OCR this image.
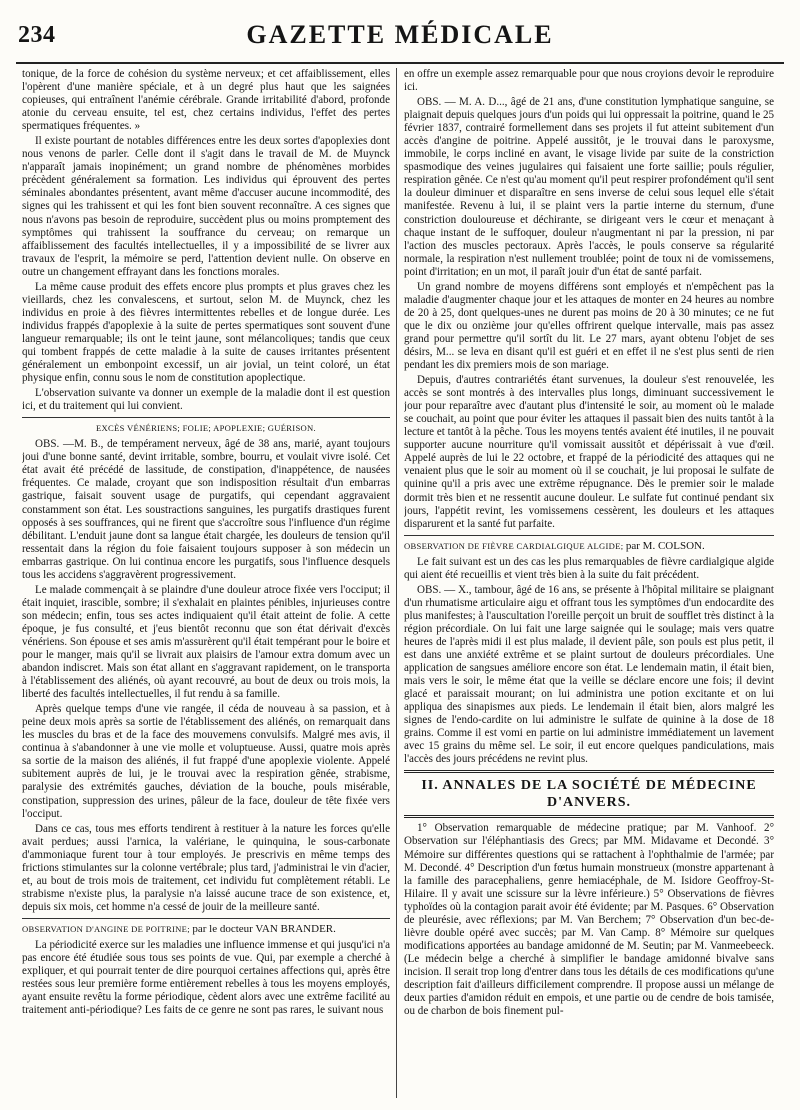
234	GAZETTE MÉDICALE

tonique, de la force de cohésion du système nerveux; et cet affaiblissement, elles l'opèrent d'une manière spéciale, et à un degré plus haut que les saignées copieuses, qui entraînent l'anémie cérébrale. Grande irritabilité d'abord, profonde atonie du cerveau ensuite, tel est, chez certains individus, l'effet des pertes spermatiques fréquentes. »

Il existe pourtant de notables différences entre les deux sortes d'apoplexies dont nous venons de parler. Celle dont il s'agit dans le travail de M. de Muynck n'apparaît jamais inopinément; un grand nombre de phénomènes morbides précèdent généralement sa formation. Les individus qui éprouvent des pertes séminales abondantes présentent, avant même d'accuser aucune incommodité, des signes qui les trahissent et qui les font bien souvent reconnaître. A ces signes que nous n'avons pas besoin de reproduire, succèdent plus ou moins promptement des symptômes qui trahissent la souffrance du cerveau; on remarque un affaiblissement des facultés intellectuelles, il y a impossibilité de se livrer aux travaux de l'esprit, la mémoire se perd, l'attention devient nulle. On observe en outre un changement effrayant dans les fonctions morales.

La même cause produit des effets encore plus prompts et plus graves chez les vieillards, chez les convalescens, et surtout, selon M. de Muynck, chez les individus en proie à des fièvres intermittentes rebelles et de longue durée. Les individus frappés d'apoplexie à la suite de pertes spermatiques sont souvent d'une langueur remarquable; ils ont le teint jaune, sont mélancoliques; tandis que ceux qui tombent frappés de cette maladie à la suite de causes irritantes présentent généralement un embonpoint excessif, un air jovial, un teint coloré, un état physique enfin, connu sous le nom de constitution apoplectique.

L'observation suivante va donner un exemple de la maladie dont il est question ici, et du traitement qui lui convient.

EXCÈS VÉNÉRIENS; FOLIE; APOPLEXIE; GUÉRISON.

OBS. —M. B., de tempérament nerveux, âgé de 38 ans, marié, ayant toujours joui d'une bonne santé, devint irritable, sombre, bourru, et voulait vivre isolé. Cet état avait été précédé de lassitude, de constipation, d'inappétence, de nausées fréquentes. Ce malade, croyant que son indisposition résultait d'un embarras gastrique, faisait souvent usage de purgatifs, qui cependant aggravaient constamment son état. Les soustractions sanguines, les purgatifs drastiques furent opposés à ses souffrances, qui ne firent que s'accroître sous l'influence d'un régime débilitant. L'enduit jaune dont sa langue était chargée, les douleurs de tension qu'il ressentait dans la région du foie faisaient toujours supposer à son médecin un embarras gastrique. On lui continua encore les purgatifs, sous l'influence desquels tous les accidens s'aggravèrent progressivement.

Le malade commençait à se plaindre d'une douleur atroce fixée vers l'occiput; il était inquiet, irascible, sombre; il s'exhalait en plaintes pénibles, injurieuses contre son médecin; enfin, tous ses actes indiquaient qu'il était atteint de folie. A cette époque, je fus consulté, et j'eus bientôt reconnu que son état dérivait d'excès vénériens. Son épouse et ses amis m'assurèrent qu'il était tempérant pour le boire et pour le manger, mais qu'il se livrait aux plaisirs de l'amour extra domum avec un abandon indiscret. Mais son état allant en s'aggravant rapidement, on le transporta à l'établissement des aliénés, où ayant recouvré, au bout de deux ou trois mois, la liberté des facultés intellectuelles, il fut rendu à sa famille.

Après quelque temps d'une vie rangée, il céda de nouveau à sa passion, et à peine deux mois après sa sortie de l'établissement des aliénés, on remarquait dans les muscles du bras et de la face des mouvemens convulsifs. Malgré mes avis, il continua à s'abandonner à une vie molle et voluptueuse. Aussi, quatre mois après sa sortie de la maison des aliénés, il fut frappé d'une apoplexie violente. Appelé subitement auprès de lui, je le trouvai avec la respiration gênée, strabisme, paralysie des extrémités gauches, déviation de la bouche, pouls misérable, constipation, suppression des urines, pâleur de la face, douleur de tête fixée vers l'occiput.

Dans ce cas, tous mes efforts tendirent à restituer à la nature les forces qu'elle avait perdues; aussi l'arnica, la valériane, le quinquina, le sous-carbonate d'ammoniaque furent tour à tour employés. Je prescrivis en même temps des frictions stimulantes sur la colonne vertébrale; plus tard, j'administrai le vin d'acier, et, au bout de trois mois de traitement, cet individu fut complètement rétabli. Le strabisme n'existe plus, la paralysie n'a laissé aucune trace de son existence, et, depuis six mois, cet homme n'a cessé de jouir de la meilleure santé.

OBSERVATION D'ANGINE DE POITRINE; par le docteur VAN BRANDER.

La périodicité exerce sur les maladies une influence immense et qui jusqu'ici n'a pas encore été étudiée sous tous ses points de vue. Qui, par exemple a cherché à expliquer, et qui pourrait tenter de dire pourquoi certaines affections qui, après être restées sous leur première forme entièrement rebelles à tous les moyens employés, ayant ensuite revêtu la forme périodique, cèdent alors avec une extrême facilité au traitement anti-périodique? Les faits de ce genre ne sont pas rares, le suivant nous

en offre un exemple assez remarquable pour que nous croyions devoir le reproduire ici.

OBS. — M. A. D..., âgé de 21 ans, d'une constitution lymphatique sanguine, se plaignait depuis quelques jours d'un poids qui lui oppressait la poitrine, quand le 25 février 1837, contrairé formellement dans ses projets il fut atteint subitement d'un accès d'angine de poitrine. Appelé aussitôt, je le trouvai dans le paroxysme, immobile, le corps incliné en avant, le visage livide par suite de la constriction spasmodique des veines jugulaires qui faisaient une forte saillie; pouls régulier, respiration gênée. Ce n'est qu'au moment qu'il peut respirer profondément qu'il sent la douleur diminuer et disparaître en sens inverse de celui sous lequel elle s'était manifestée. Revenu à lui, il se plaint vers la partie interne du sternum, d'une constriction douloureuse et déchirante, se dirigeant vers le cœur et menaçant à chaque instant de le suffoquer, douleur n'augmentant ni par la pression, ni par l'action des muscles pectoraux. Après l'accès, le pouls conserve sa régularité normale, la respiration n'est nullement troublée; point de toux ni de vomissemens, point d'irritation; en un mot, il paraît jouir d'un état de santé parfait.

Un grand nombre de moyens différens sont employés et n'empêchent pas la maladie d'augmenter chaque jour et les attaques de monter en 24 heures au nombre de 20 à 25, dont quelques-unes ne durent pas moins de 20 à 30 minutes; ce ne fut que le dix ou onzième jour qu'elles offrirent quelque intervalle, mais pas assez grand pour permettre qu'il sortît du lit. Le 27 mars, ayant obtenu l'objet de ses désirs, M... se leva en disant qu'il est guéri et en effet il ne s'est plus senti de rien pendant les dix premiers mois de son mariage.

Depuis, d'autres contrariétés étant survenues, la douleur s'est renouvelée, les accès se sont montrés à des intervalles plus longs, diminuant successivement le jour pour reparaître avec d'autant plus d'intensité le soir, au moment où le malade se couchait, au point que pour éviter les attaques il passait bien des nuits tantôt à la lecture et tantôt à la pêche. Tous les moyens tentés avaient été inutiles, il ne pouvait supporter aucune nourriture qu'il vomissait aussitôt et dépérissait à vue d'œil. Appelé auprès de lui le 22 octobre, et frappé de la périodicité des attaques qui ne venaient plus que le soir au moment où il se couchait, je lui proposai le sulfate de quinine qu'il a pris avec une extrême répugnance. Dès le premier soir le malade dormit très bien et ne ressentit aucune douleur. Le sulfate fut continué pendant six jours, l'appétit revint, les vomissemens cessèrent, les douleurs et les attaques disparurent et la santé fut parfaite.

OBSERVATION DE FIÈVRE CARDIALGIQUE ALGIDE; par M. COLSON.

Le fait suivant est un des cas les plus remarquables de fièvre cardialgique algide qui aient été recueillis et vient très bien à la suite du fait précédent.

OBS. — X., tambour, âgé de 16 ans, se présente à l'hôpital militaire se plaignant d'un rhumatisme articulaire aigu et offrant tous les symptômes d'un endocardite des plus manifestes; à l'auscultation l'oreille perçoit un bruit de soufflet très distinct à la région précordiale. On lui fait une large saignée qui le soulage; mais vers quatre heures de l'après midi il est plus malade, il devient pâle, son pouls est plus petit, il est dans une anxiété extrême et se plaint surtout de douleurs précordiales. Une application de sangsues améliore encore son état. Le lendemain matin, il était bien, mais vers le soir, le même état que la veille se déclare encore une fois; il devint glacé et paraissait mourant; on lui administra une potion excitante et on lui appliqua des sinapismes aux pieds. Le lendemain il était bien, alors malgré les signes de l'endo-cardite on lui administre le sulfate de quinine à la dose de 18 grains. Comme il est vomi en partie on lui administre immédiatement un lavement avec 15 grains du même sel. Le soir, il eut encore quelques pandiculations, mais l'accès des jours précédens ne revint plus.

II. ANNALES DE LA SOCIÉTÉ DE MÉDECINE D'ANVERS.

1° Observation remarquable de médecine pratique; par M. Vanhoof. 2° Observation sur l'éléphantiasis des Grecs; par MM. Midavame et Decondé. 3° Mémoire sur différentes questions qui se rattachent à l'ophthalmie de l'armée; par M. Decondé. 4° Description d'un fœtus humain monstrueux (monstre appartenant à la famille des paracephaliens, genre hemiacéphale, de M. Isidore Geoffroy-St-Hilaire. Il y avait une scissure sur la lèvre inférieure.) 5° Observations de fièvres typhoïdes où la contagion parait avoir été évidente; par M. Pasques. 6° Observation de pleurésie, avec réflexions; par M. Van Berchem; 7° Observation d'un bec-de-lièvre double opéré avec succès; par M. Van Camp. 8° Mémoire sur quelques modifications apportées au bandage amidonné de M. Seutin; par M. Vanmeebeeck. (Le médecin belge a cherché à simplifier le bandage amidonné bivalve sans incision. Il serait trop long d'entrer dans tous les détails de ces modifications qu'une description fait d'ailleurs difficilement comprendre. Il propose aussi un mélange de deux parties d'amidon réduit en empois, et une partie ou de cendre de bois tamisée, ou de charbon de bois finement pul-
